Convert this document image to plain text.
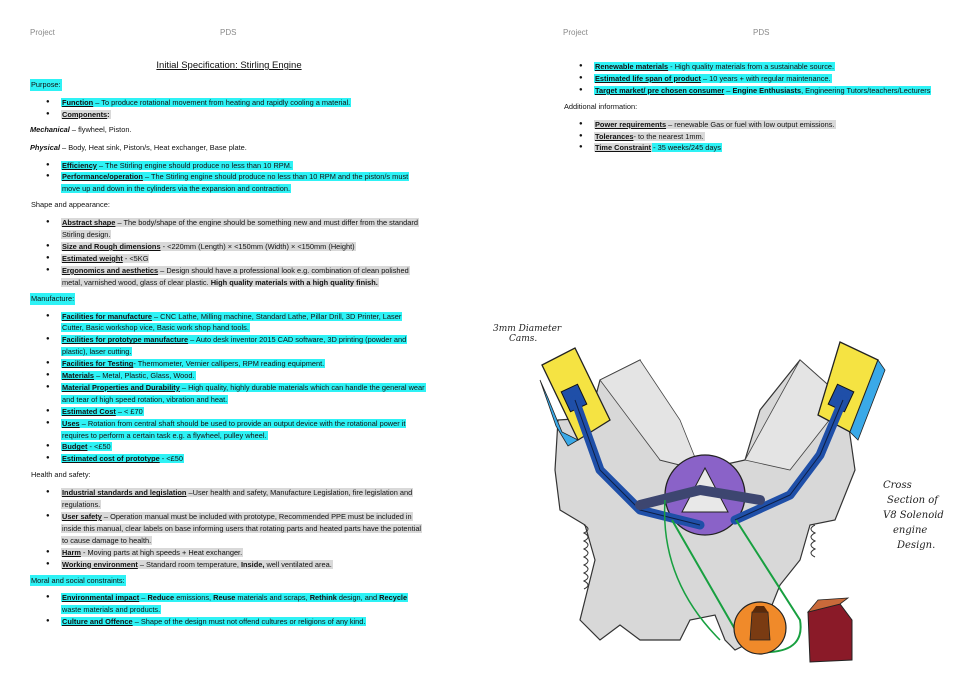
Project	PDS
Initial Specification: Stirling Engine
Purpose:
● Function – To produce rotational movement from heating and rapidly cooling a material.
● Components:
Mechanical – flywheel, Piston.
Physical – Body, Heat sink, Piston/s, Heat exchanger, Base plate.
● Efficiency – The Stirling engine should produce no less than 10 RPM.
● Performance/operation – The Stirling engine should produce no less than 10 RPM and the piston/s must move up and down in the cylinders via the expansion and contraction.
Shape and appearance:
● Abstract shape – The body/shape of the engine should be something new and must differ from the standard Stirling design.
● Size and Rough dimensions - <220mm (Length) × <150mm (Width) × <150mm (Height)
● Estimated weight - <5KG
● Ergonomics and aesthetics – Design should have a professional look e.g. combination of clean polished metal, varnished wood, glass of clear plastic. High quality materials with a high quality finish.
Manufacture:
● Facilities for manufacture – CNC Lathe, Milling machine, Standard Lathe, Pillar Drill, 3D Printer, Laser Cutter, Basic workshop vice, Basic work shop hand tools.
● Facilities for prototype manufacture – Auto desk inventor 2015 CAD software, 3D printing (powder and plastic), laser cutting.
● Facilities for Testing- Thermometer, Vernier callipers, RPM reading equipment.
● Materials – Metal, Plastic, Glass, Wood.
● Material Properties and Durability – High quality, highly durable materials which can handle the general wear and tear of high speed rotation, vibration and heat.
● Estimated Cost – < £70
● Uses – Rotation from central shaft should be used to provide an output device with the rotational power it requires to perform a certain task e.g. a flywheel, pulley wheel.
● Budget - <£50
● Estimated cost of prototype - <£50
Health and safety:
● Industrial standards and legislation –User health and safety, Manufacture Legislation, fire legislation and regulations.
● User safety – Operation manual must be included with prototype, Recommended PPE must be included in inside this manual, clear labels on base informing users that rotating parts and heated parts have the potential to cause damage to health.
● Harm - Moving parts at high speeds + Heat exchanger.
● Working environment – Standard room temperature, Inside, well ventilated area.
Moral and social constraints:
● Environmental impact – Reduce emissions, Reuse materials and scraps, Rethink design, and Recycle waste materials and products.
● Culture and Offence – Shape of the design must not offend cultures or religions of any kind.
Project	PDS
● Renewable materials - High quality materials from a sustainable source.
● Estimated life span of product – 10 years + with regular maintenance.
● Target market/ pre chosen consumer – Engine Enthusiasts, Engineering Tutors/teachers/Lecturers
Additional information:
● Power requirements – renewable Gas or fuel with low output emissions.
● Tolerances- to the nearest 1mm.
● Time Constraint - 35 weeks/245 days
3mm Diameter
Cams.
Cross
Section of
V8 Solenoid
engine
Design.
